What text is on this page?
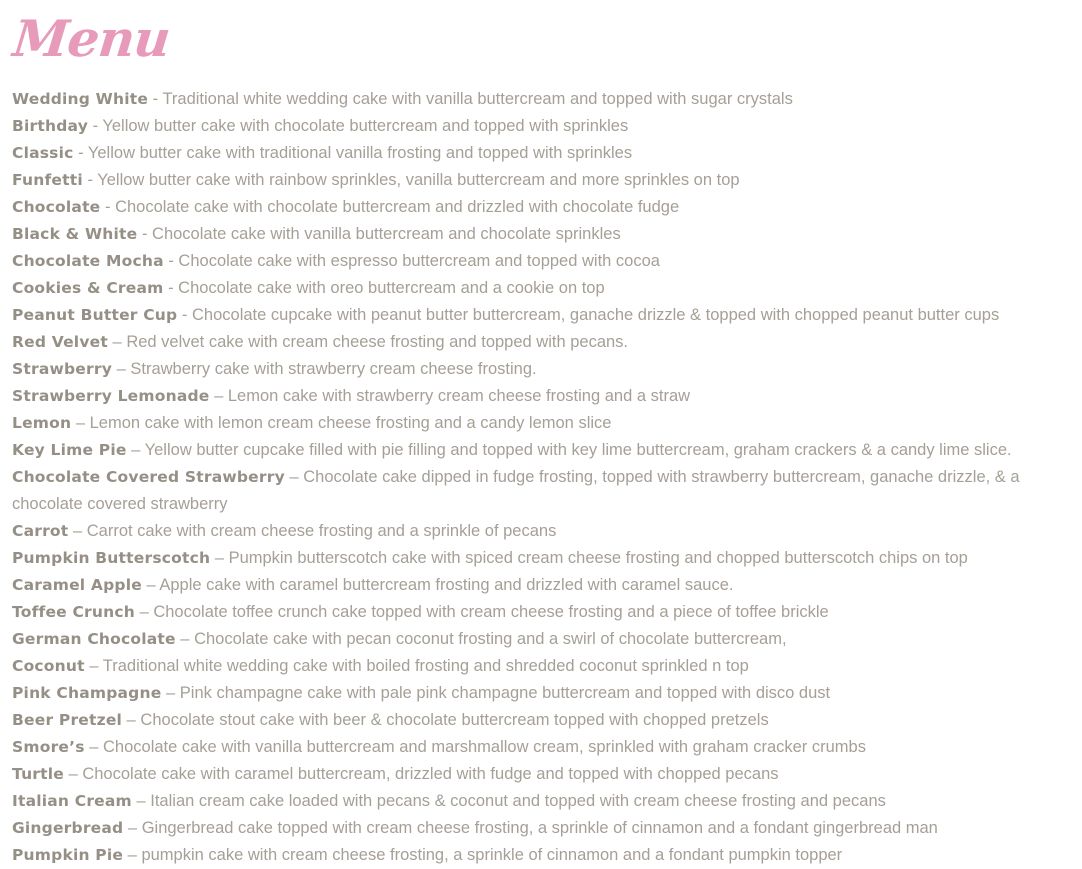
Menu
Wedding White - Traditional white wedding cake with vanilla buttercream and topped with sugar crystals
Birthday - Yellow butter cake with chocolate buttercream and topped with sprinkles
Classic - Yellow butter cake with traditional vanilla frosting and topped with sprinkles
Funfetti - Yellow butter cake with rainbow sprinkles, vanilla buttercream and more sprinkles on top
Chocolate - Chocolate cake with chocolate buttercream and drizzled with chocolate fudge
Black & White - Chocolate cake with vanilla buttercream and chocolate sprinkles
Chocolate Mocha - Chocolate cake with espresso buttercream and topped with cocoa
Cookies & Cream - Chocolate cake with oreo buttercream and a cookie on top
Peanut Butter Cup - Chocolate cupcake with peanut butter buttercream, ganache drizzle & topped with chopped peanut butter cups
Red Velvet – Red velvet cake with cream cheese frosting and topped with pecans.
Strawberry – Strawberry cake with strawberry cream cheese frosting.
Strawberry Lemonade – Lemon cake with strawberry cream cheese frosting and a straw
Lemon – Lemon cake with lemon cream cheese frosting and a candy lemon slice
Key Lime Pie – Yellow butter cupcake filled with pie filling and topped with key lime buttercream, graham crackers & a candy lime slice.
Chocolate Covered Strawberry – Chocolate cake dipped in fudge frosting, topped with strawberry buttercream, ganache drizzle, & a chocolate covered strawberry
Carrot – Carrot cake with cream cheese frosting and a sprinkle of pecans
Pumpkin Butterscotch – Pumpkin butterscotch cake with spiced cream cheese frosting and chopped butterscotch chips on top
Caramel Apple – Apple cake with caramel buttercream frosting and drizzled with caramel sauce.
Toffee Crunch – Chocolate toffee crunch cake topped with cream cheese frosting and a piece of toffee brickle
German Chocolate – Chocolate cake with pecan coconut frosting and a swirl of chocolate buttercream,
Coconut – Traditional white wedding cake with boiled frosting and shredded coconut sprinkled n top
Pink Champagne – Pink champagne cake with pale pink champagne buttercream and topped with disco dust
Beer Pretzel – Chocolate stout cake with beer & chocolate buttercream topped with chopped pretzels
Smore’s – Chocolate cake with vanilla buttercream and marshmallow cream, sprinkled with graham cracker crumbs
Turtle – Chocolate cake with caramel buttercream, drizzled with fudge and topped with chopped pecans
Italian Cream – Italian cream cake loaded with pecans & coconut and topped with cream cheese frosting and pecans
Gingerbread – Gingerbread cake topped with cream cheese frosting, a sprinkle of cinnamon and a fondant gingerbread man
Pumpkin Pie – pumpkin cake with cream cheese frosting, a sprinkle of cinnamon and a fondant pumpkin topper
